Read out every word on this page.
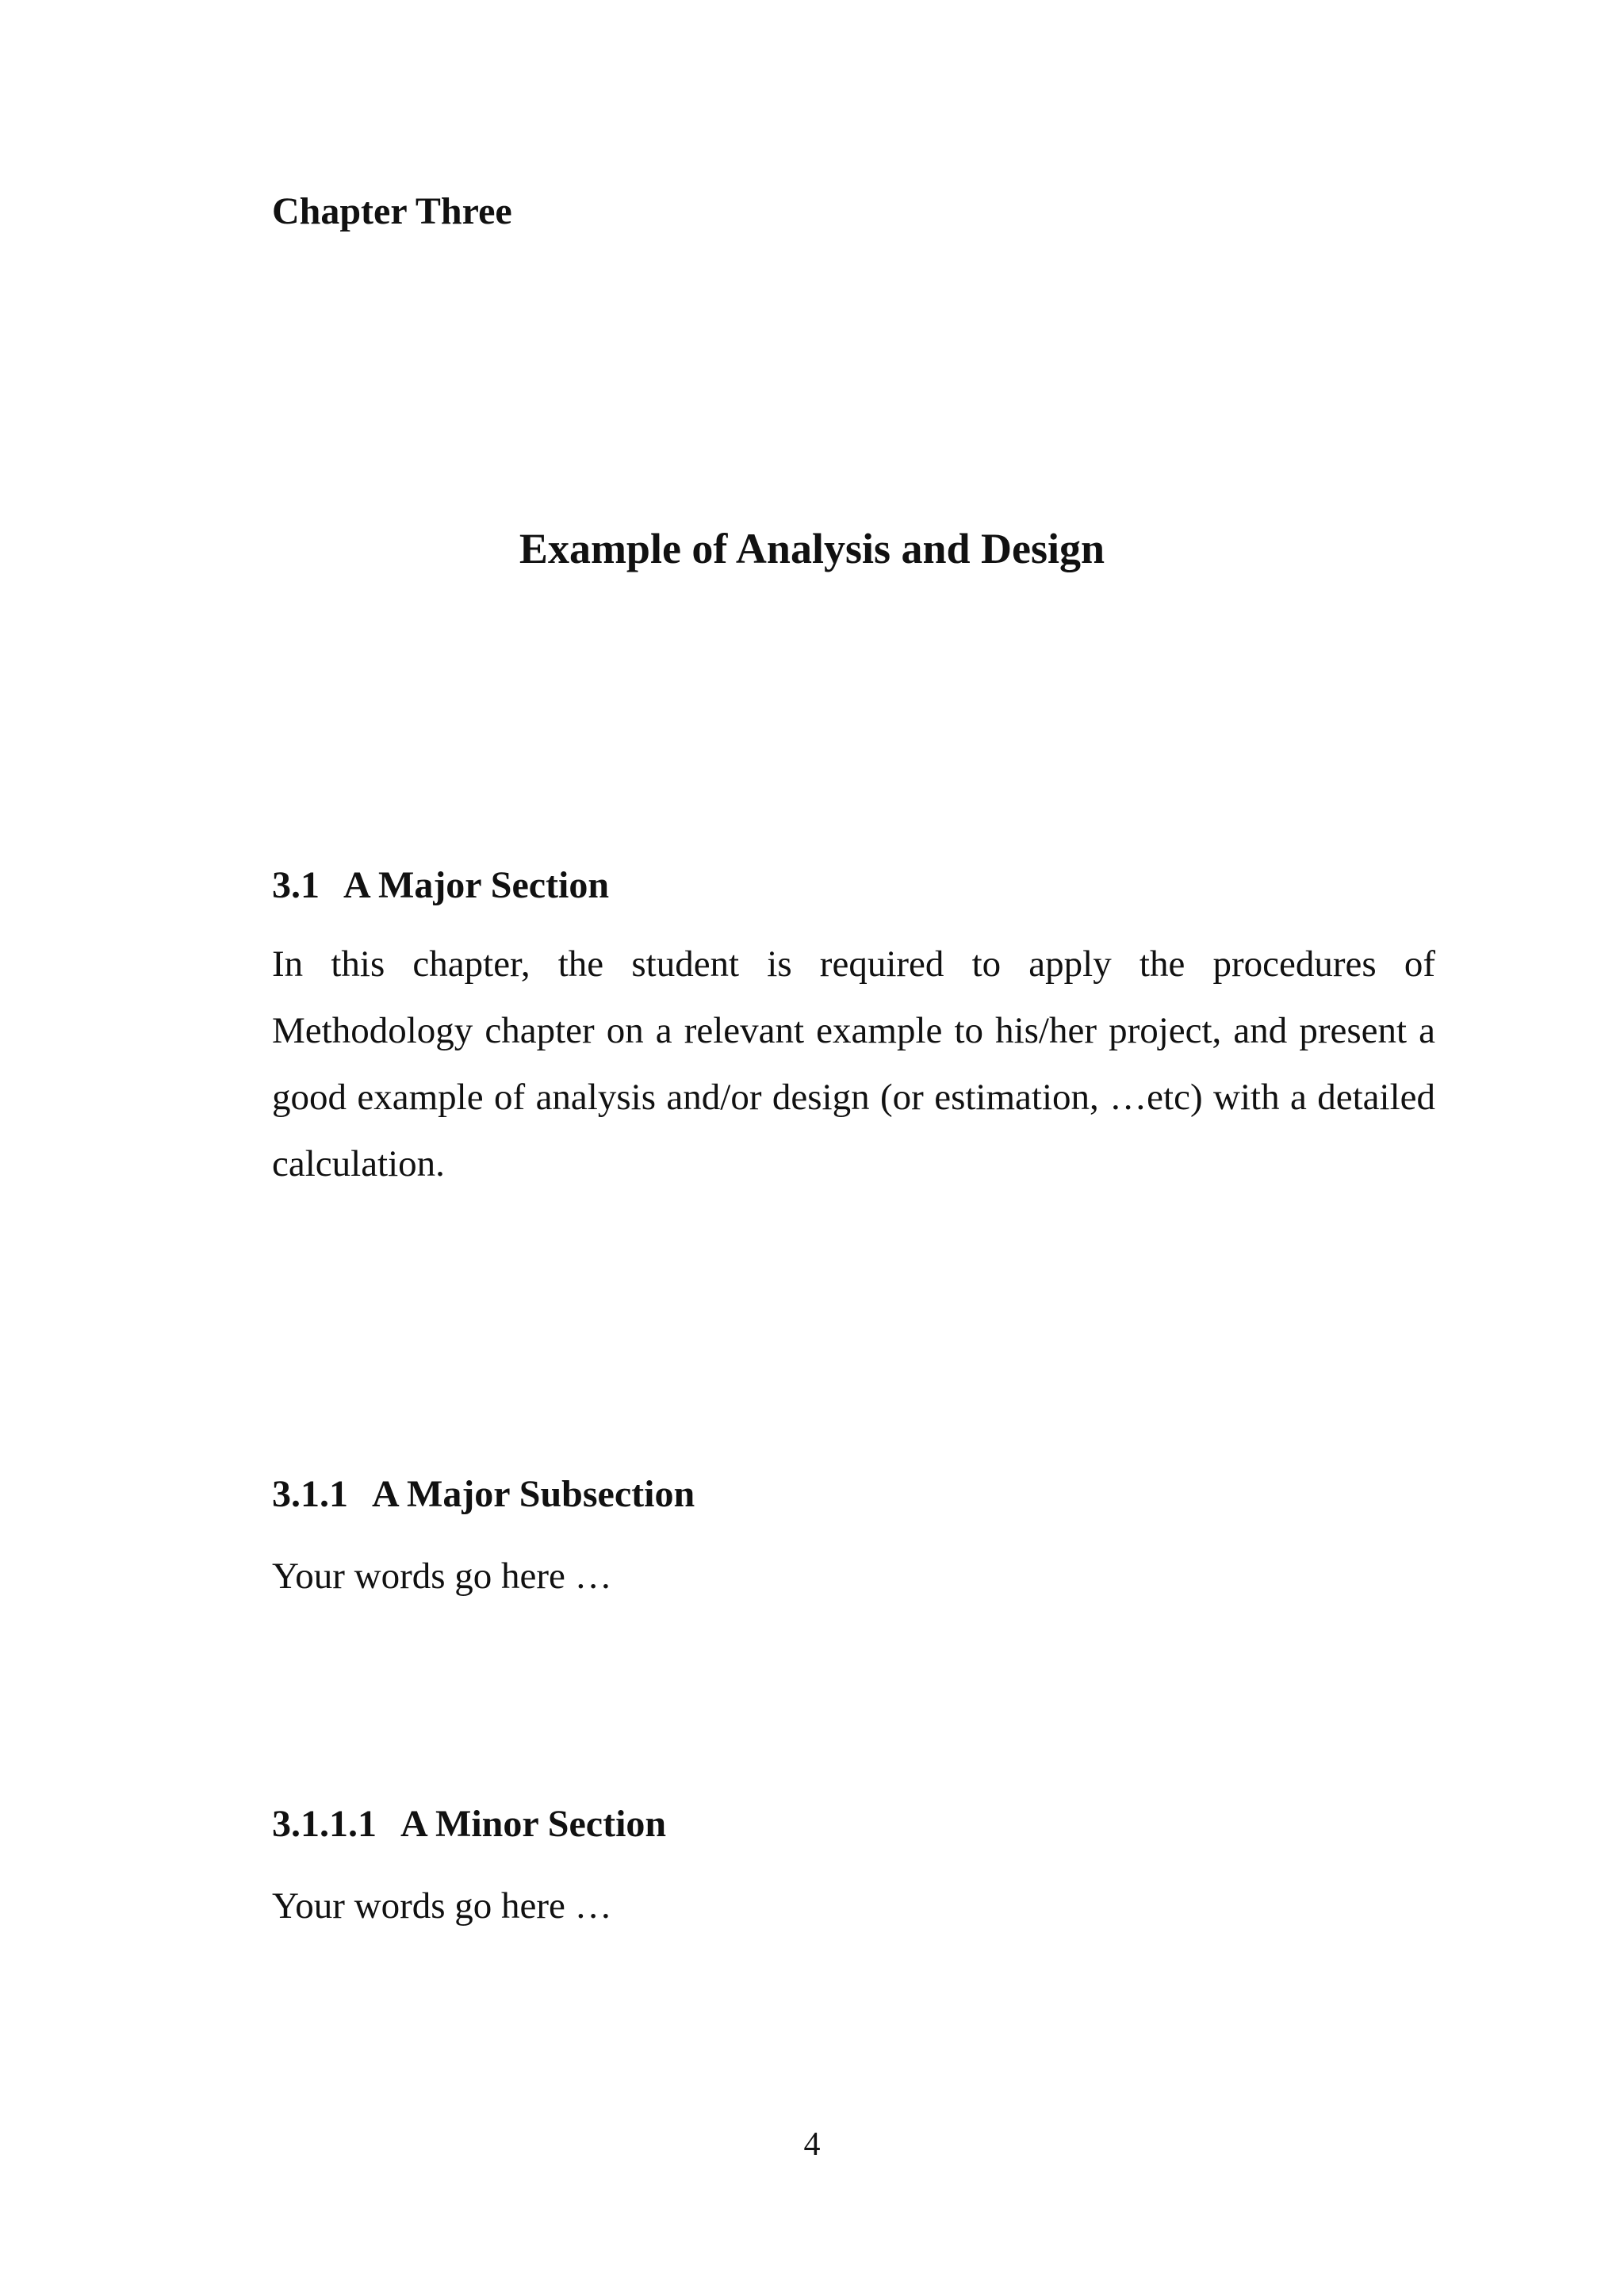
Chapter Three
Example of Analysis and Design
3.1 A Major Section
In this chapter, the student is required to apply the procedures of Methodology chapter on a relevant example to his/her project, and present a good example of analysis and/or design (or estimation, …etc) with a detailed calculation.
3.1.1 A Major Subsection
Your words go here …
3.1.1.1 A Minor Section
Your words go here …
4
